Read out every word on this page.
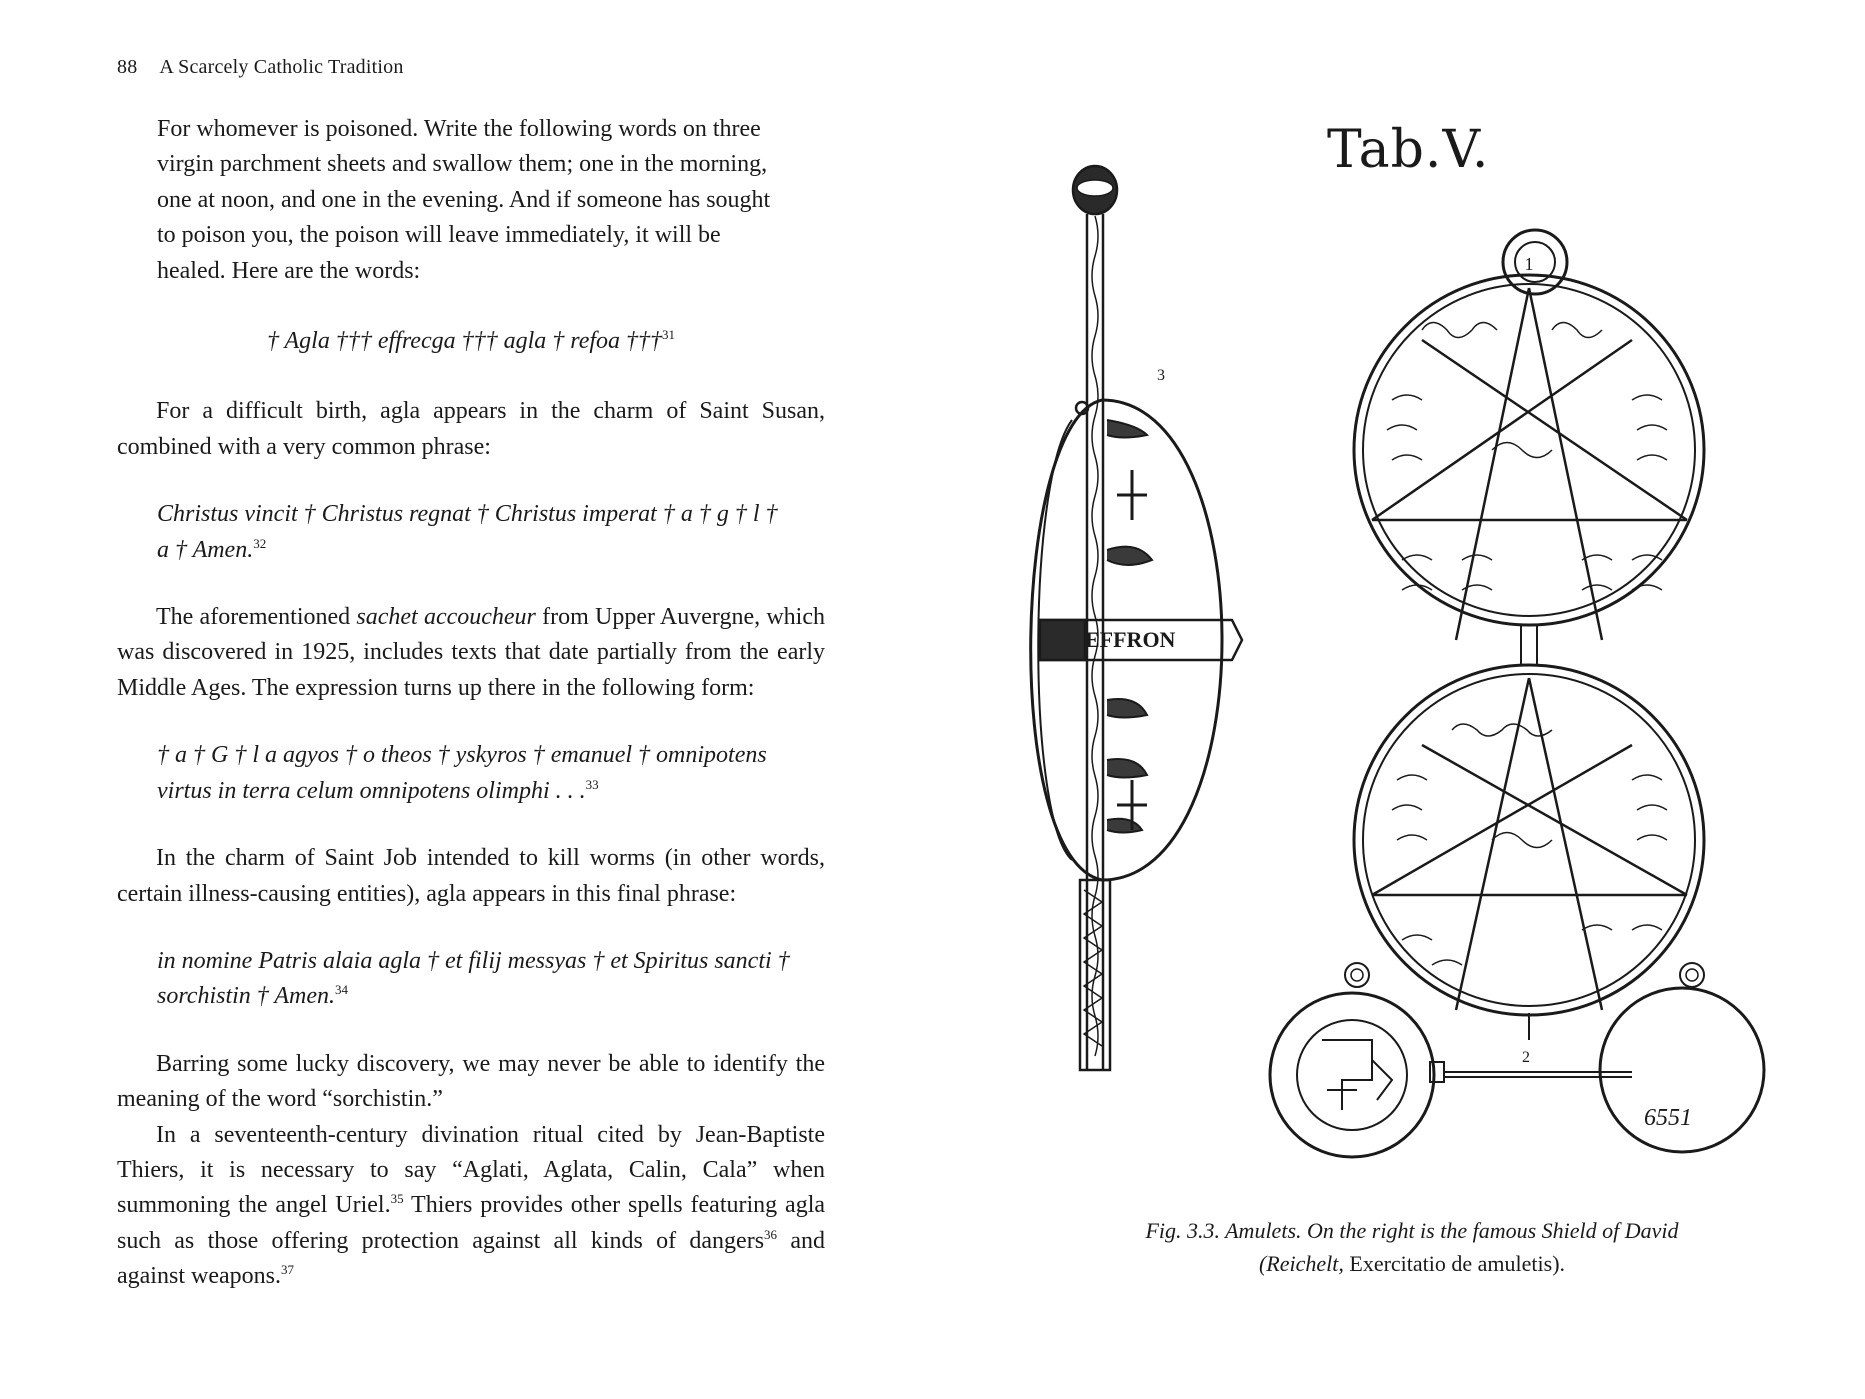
88 A Scarcely Catholic Tradition

For whomever is poisoned. Write the following words on three virgin parchment sheets and swallow them; one in the morning, one at noon, and one in the evening. And if someone has sought to poison you, the poison will leave immediately, it will be healed. Here are the words:

† Agla ††† effrecga ††† agla † refoa †††$^{31}$

For a difficult birth, agla appears in the charm of Saint Susan, combined with a very common phrase:

Christus vincit † Christus regnat † Christus imperat † a † g † l † a † Amen.$^{32}$

The aforementioned sachet accoucheur from Upper Auvergne, which was discovered in 1925, includes texts that date partially from the early Middle Ages. The expression turns up there in the following form:

† a † G † l a agyos † o theos † yskyros † emanuel † omnipotens virtus in terra celum omnipotens olimphi . . .$^{33}$

In the charm of Saint Job intended to kill worms (in other words, certain illness-causing entities), agla appears in this final phrase:

in nomine Patris alaia agla † et filij messyas † et Spiritus sancti † sorchistin † Amen.$^{34}$

Barring some lucky discovery, we may never be able to identify the meaning of the word “sorchistin.”

In a seventeenth-century divination ritual cited by Jean-Baptiste Thiers, it is necessary to say “Aglati, Aglata, Calin, Cala” when summoning the angel Uriel.$^{35}$ Thiers provides other spells featuring agla such as those offering protection against all kinds of dangers$^{36}$ and against weapons.$^{37}$

Tab.V.
EFFRON
3
1
2
6551
Fig. 3.3. Amulets. On the right is the famous Shield of David (Reichelt, Exercitatio de amuletis).
